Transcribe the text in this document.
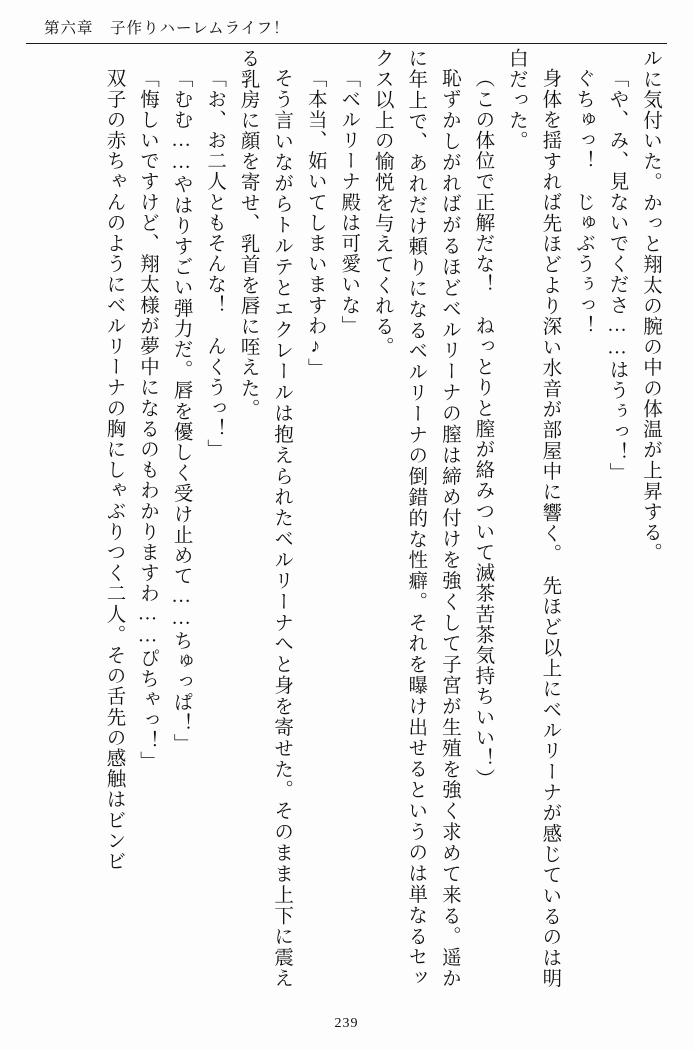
第六章　子作りハーレムライフ！

ルに気付いた。かっと翔太の腕の中の体温が上昇する。

「や、み、見ないでくださ……はうぅっ！」

ぐちゅっ！　じゅぶうぅっ！

身体を揺すれば先ほどより深い水音が部屋中に響く。　先ほど以上にベルリーナが感じているのは明白だった。

（この体位で正解だな！　ねっとりと膣が絡みついて滅茶苦茶気持ちいい！）

恥ずかしがればがるほどベルリーナの膣は締め付けを強くして子宮が生殖を強く求めて来る。遥かに年上で、あれだけ頼りになるベルリーナの倒錯的な性癖。それを曝け出せるというのは単なるセックス以上の愉悦を与えてくれる。

「ベルリーナ殿は可愛いな」

「本当、妬いてしまいますわ♪」

そう言いながらトルテとエクレールは抱えられたベルリーナへと身を寄せた。そのまま上下に震える乳房に顔を寄せ、乳首を唇に咥えた。

「お、お二人ともそんな！　んくうっ！」

「むむ……やはりすごい弾力だ。唇を優しく受け止めて……ちゅっぱ！」

「悔しいですけど、翔太様が夢中になるのもわかりますわ……ぴちゃっ！」

双子の赤ちゃんのようにベルリーナの胸にしゃぶりつく二人。その舌先の感触はビンビ

239
